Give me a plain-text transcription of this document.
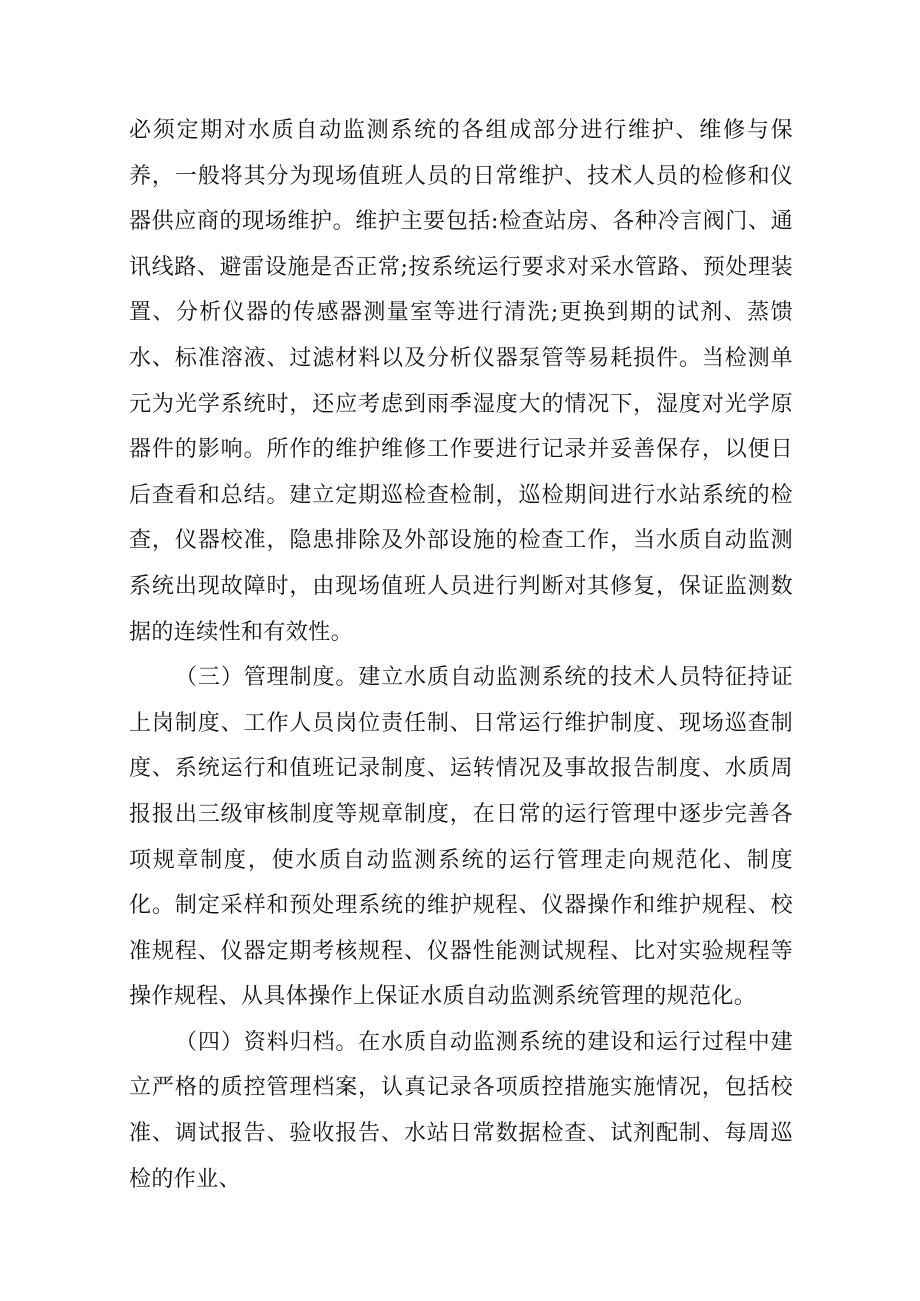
必须定期对水质自动监测系统的各组成部分进行维护、维修与保养，一般将其分为现场值班人员的日常维护、技术人员的检修和仪器供应商的现场维护。维护主要包括:检查站房、各种冷言阀门、通讯线路、避雷设施是否正常;按系统运行要求对采水管路、预处理装置、分析仪器的传感器测量室等进行清洗;更换到期的试剂、蒸馈水、标准溶液、过滤材料以及分析仪器泵管等易耗损件。当检测单元为光学系统时，还应考虑到雨季湿度大的情况下，湿度对光学原器件的影响。所作的维护维修工作要进行记录并妥善保存，以便日后查看和总结。建立定期巡检查检制，巡检期间进行水站系统的检查，仪器校准，隐患排除及外部设施的检查工作，当水质自动监测系统出现故障时，由现场值班人员进行判断对其修复，保证监测数据的连续性和有效性。

（三）管理制度。建立水质自动监测系统的技术人员特征持证上岗制度、工作人员岗位责任制、日常运行维护制度、现场巡查制度、系统运行和值班记录制度、运转情况及事故报告制度、水质周报报出三级审核制度等规章制度，在日常的运行管理中逐步完善各项规章制度，使水质自动监测系统的运行管理走向规范化、制度化。制定采样和预处理系统的维护规程、仪器操作和维护规程、校准规程、仪器定期考核规程、仪器性能测试规程、比对实验规程等操作规程、从具体操作上保证水质自动监测系统管理的规范化。

（四）资料归档。在水质自动监测系统的建设和运行过程中建立严格的质控管理档案，认真记录各项质控措施实施情况，包括校准、调试报告、验收报告、水站日常数据检查、试剂配制、每周巡检的作业、
